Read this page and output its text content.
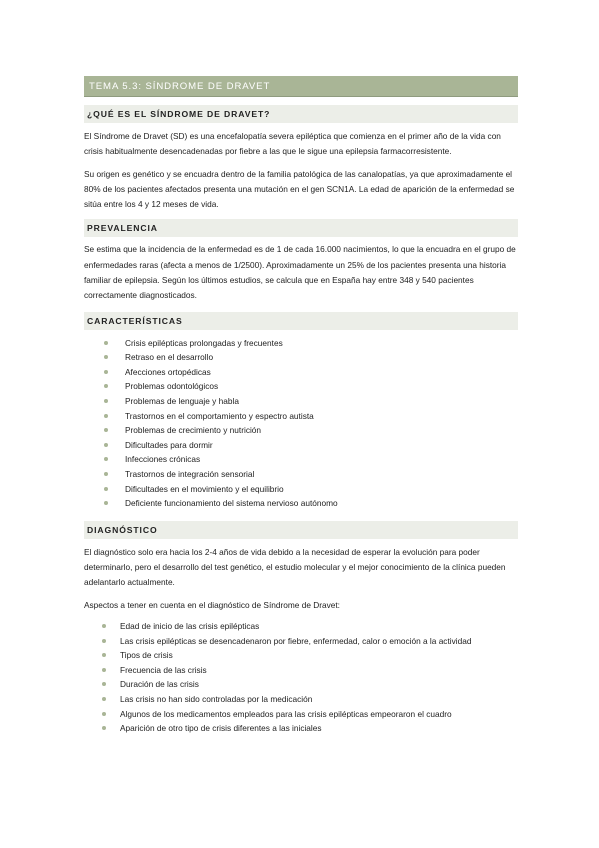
TEMA 5.3: SÍNDROME DE DRAVET
¿QUÉ ES EL SÍNDROME DE DRAVET?

El Síndrome de Dravet (SD) es una encefalopatía severa epiléptica que comienza en el primer año de la vida con crisis habitualmente desencadenadas por fiebre a las que le sigue una epilepsia farmacorresistente.

Su origen es genético y se encuadra dentro de la familia patológica de las canalopatías, ya que aproximadamente el 80% de los pacientes afectados presenta una mutación en el gen SCN1A. La edad de aparición de la enfermedad se sitúa entre los 4 y 12 meses de vida.

PREVALENCIA

Se estima que la incidencia de la enfermedad es de 1 de cada 16.000 nacimientos, lo que la encuadra en el grupo de enfermedades raras (afecta a menos de 1/2500). Aproximadamente un 25% de los pacientes presenta una historia familiar de epilepsia. Según los últimos estudios, se calcula que en España hay entre 348 y 540 pacientes correctamente diagnosticados.

CARACTERÍSTICAS
Crisis epilépticas prolongadas y frecuentes
Retraso en el desarrollo
Afecciones ortopédicas
Problemas odontológicos
Problemas de lenguaje y habla
Trastornos en el comportamiento y espectro autista
Problemas de crecimiento y nutrición
Dificultades para dormir
Infecciones crónicas
Trastornos de integración sensorial
Dificultades en el movimiento y el equilibrio
Deficiente funcionamiento del sistema nervioso autónomo
DIAGNÓSTICO

El diagnóstico solo era hacia los 2-4 años de vida debido a la necesidad de esperar la evolución para poder determinarlo, pero el desarrollo del test genético, el estudio molecular y el mejor conocimiento de la clínica pueden adelantarlo actualmente.

Aspectos a tener en cuenta en el diagnóstico de Síndrome de Dravet:

Edad de inicio de las crisis epilépticas
Las crisis epilépticas se desencadenaron por fiebre, enfermedad, calor o emoción a la actividad
Tipos de crisis
Frecuencia de las crisis
Duración de las crisis
Las crisis no han sido controladas por la medicación
Algunos de los medicamentos empleados para las crisis epilépticas empeoraron el cuadro
Aparición de otro tipo de crisis diferentes a las iniciales
